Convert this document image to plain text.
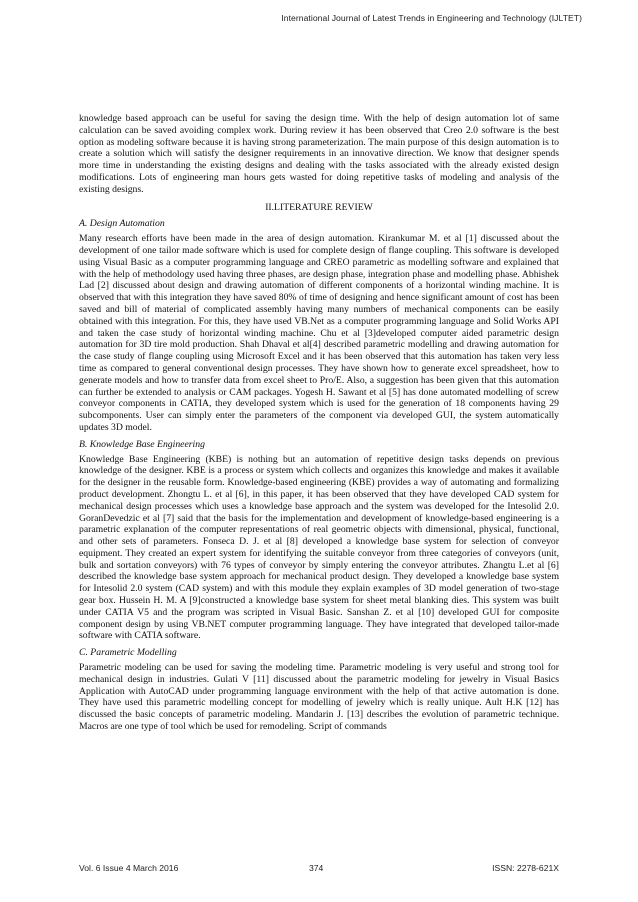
International Journal of Latest Trends in Engineering and Technology (IJLTET)

knowledge based approach can be useful for saving the design time. With the help of design automation lot of same calculation can be saved avoiding complex work. During review it has been observed that Creo 2.0 software is the best option as modeling software because it is having strong parameterization. The main purpose of this design automation is to create a solution which will satisfy the designer requirements in an innovative direction. We know that designer spends more time in understanding the existing designs and dealing with the tasks associated with the already existed design modifications. Lots of engineering man hours gets wasted for doing repetitive tasks of modeling and analysis of the existing designs.

II.LITERATURE REVIEW
A. Design Automation

Many research efforts have been made in the area of design automation. Kirankumar M. et al [1] discussed about the development of one tailor made software which is used for complete design of flange coupling. This software is developed using Visual Basic as a computer programming language and CREO parametric as modelling software and explained that with the help of methodology used having three phases, are design phase, integration phase and modelling phase. Abhishek Lad [2] discussed about design and drawing automation of different components of a horizontal winding machine. It is observed that with this integration they have saved 80% of time of designing and hence significant amount of cost has been saved and bill of material of complicated assembly having many numbers of mechanical components can be easily obtained with this integration. For this, they have used VB.Net as a computer programming language and Solid Works API and taken the case study of horizontal winding machine. Chu et al [3]developed computer aided parametric design automation for 3D tire mold production. Shah Dhaval et al[4] described parametric modelling and drawing automation for the case study of flange coupling using Microsoft Excel and it has been observed that this automation has taken very less time as compared to general conventional design processes. They have shown how to generate excel spreadsheet, how to generate models and how to transfer data from excel sheet to Pro/E. Also, a suggestion has been given that this automation can further be extended to analysis or CAM packages. Yogesh H. Sawant et al [5] has done automated modelling of screw conveyor components in CATIA, they developed system which is used for the generation of 18 components having 29 subcomponents. User can simply enter the parameters of the component via developed GUI, the system automatically updates 3D model.

B. Knowledge Base Engineering

Knowledge Base Engineering (KBE) is nothing but an automation of repetitive design tasks depends on previous knowledge of the designer. KBE is a process or system which collects and organizes this knowledge and makes it available for the designer in the reusable form. Knowledge-based engineering (KBE) provides a way of automating and formalizing product development. Zhongtu L. et al [6], in this paper, it has been observed that they have developed CAD system for mechanical design processes which uses a knowledge base approach and the system was developed for the Intesolid 2.0. GoranDevedzic et al [7] said that the basis for the implementation and development of knowledge-based engineering is a parametric explanation of the computer representations of real geometric objects with dimensional, physical, functional, and other sets of parameters. Fonseca D. J. et al [8] developed a knowledge base system for selection of conveyor equipment. They created an expert system for identifying the suitable conveyor from three categories of conveyors (unit, bulk and sortation conveyors) with 76 types of conveyor by simply entering the conveyor attributes. Zhangtu L.et al [6] described the knowledge base system approach for mechanical product design. They developed a knowledge base system for Intesolid 2.0 system (CAD system) and with this module they explain examples of 3D model generation of two-stage gear box. Hussein H. M. A [9]constructed a knowledge base system for sheet metal blanking dies. This system was built under CATIA V5 and the program was scripted in Visual Basic. Sanshan Z. et al [10] developed GUI for composite component design by using VB.NET computer programming language. They have integrated that developed tailor-made software with CATIA software.

C. Parametric Modelling

Parametric modeling can be used for saving the modeling time. Parametric modeling is very useful and strong tool for mechanical design in industries. Gulati V [11] discussed about the parametric modeling for jewelry in Visual Basics Application with AutoCAD under programming language environment with the help of that active automation is done. They have used this parametric modelling concept for modelling of jewelry which is really unique. Ault H.K [12] has discussed the basic concepts of parametric modeling. Mandarin J. [13] describes the evolution of parametric technique. Macros are one type of tool which be used for remodeling. Script of commands

Vol. 6 Issue 4 March 2016	374	ISSN: 2278-621X
